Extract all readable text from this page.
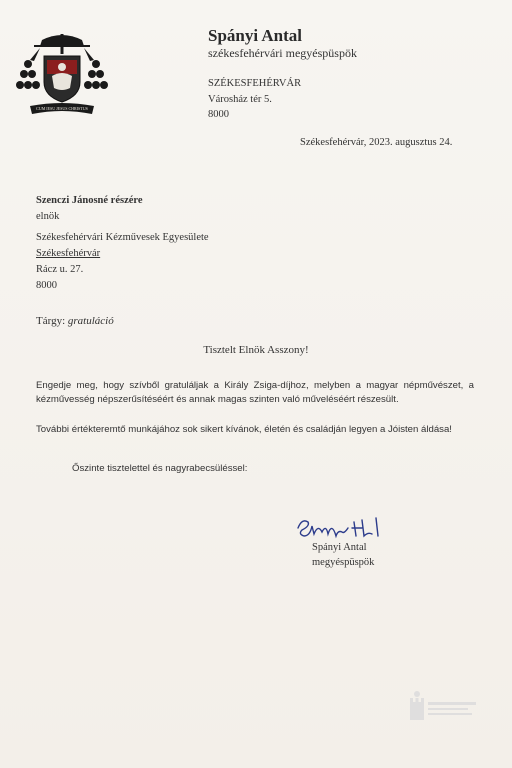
CUM IESU JESUS CHRISTUS
Spányi Antal
székesfehérvári megyéspüspök
SZÉKESFEHÉRVÁR
Városház tér 5.
8000
Székesfehérvár, 2023. augusztus 24.
Szenczi Jánosné részére
elnök
Székesfehérvári Kézművesek Egyesülete
Székesfehérvár
Rácz u. 27.
8000
Tárgy: gratuláció
Tisztelt Elnök Asszony!
Engedje meg, hogy szívből gratuláljak a Király Zsiga-díjhoz, melyben a magyar népművészet, a kézművesség népszerűsítéséért és annak magas szinten való műveléséért részesült.
További értékteremtő munkájához sok sikert kívánok, életén és családján legyen a Jóisten áldása!
Őszinte tisztelettel és nagyrabecsüléssel:
Spányi Antal
megyéspüspök
